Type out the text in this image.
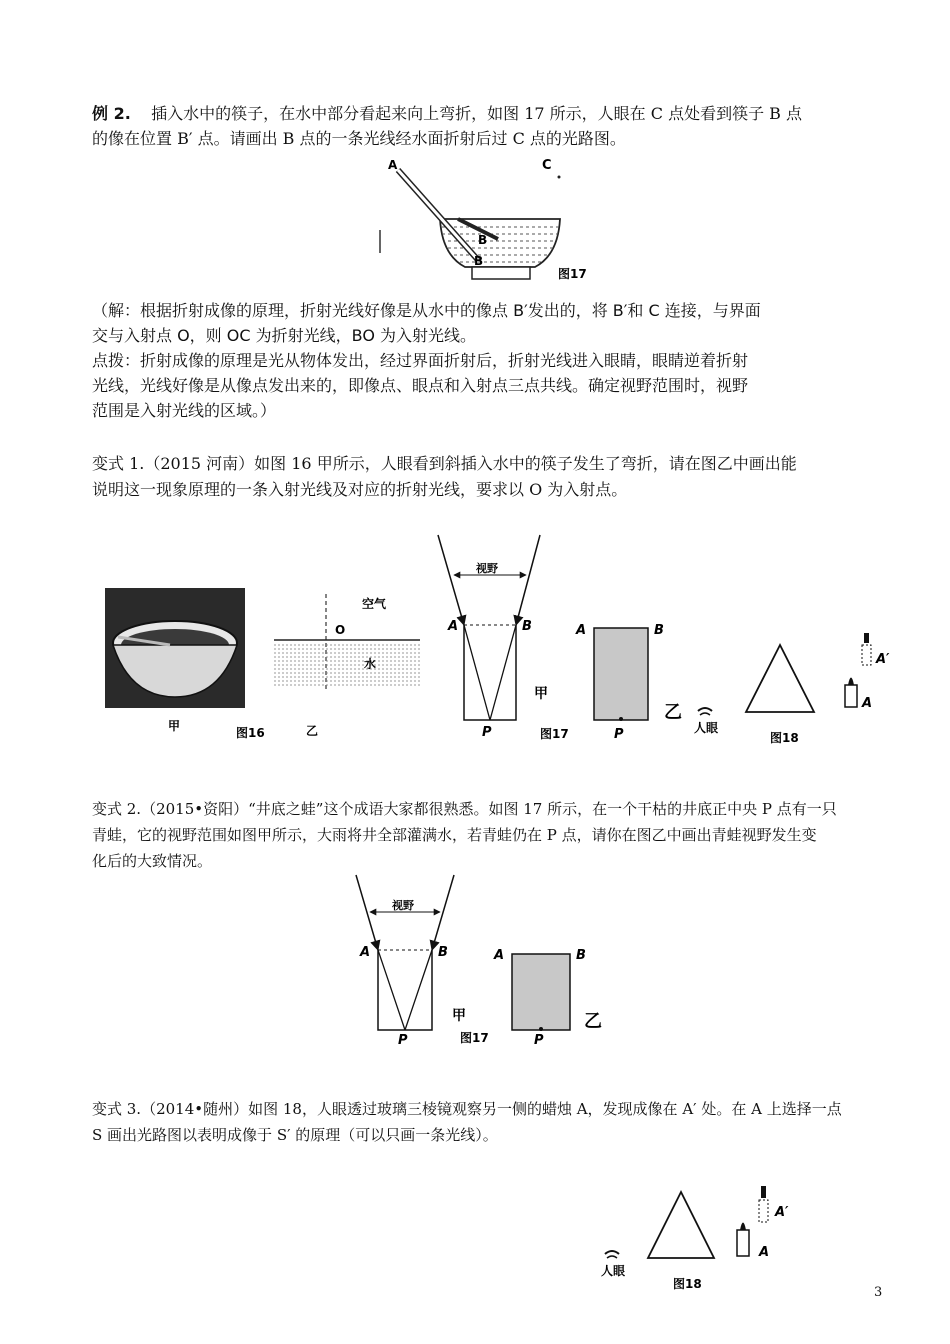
例 2. 插入水中的筷子，在水中部分看起来向上弯折，如图 17 所示，人眼在 C 点处看到筷子 B 点
的像在位置 B′ 点。请画出 B 点的一条光线经水面折射后过 C 点的光路图。
A	C
B
B
图17
（解：根据折射成像的原理，折射光线好像是从水中的像点 B′发出的，将 B′和 C 连接，与界面
交与入射点 O，则 OC 为折射光线，BO 为入射光线。
点拨：折射成像的原理是光从物体发出，经过界面折射后，折射光线进入眼睛，眼睛逆着折射
光线，光线好像是从像点发出来的，即像点、眼点和入射点三点共线。确定视野范围时，视野
范围是入射光线的区域。）
变式 1.（2015 河南）如图 16 甲所示，人眼看到斜插入水中的筷子发生了弯折，请在图乙中画出能
说明这一现象原理的一条入射光线及对应的折射光线，要求以 O 为入射点。
甲	图16
空气
O
水
乙
视野
A	B
P
甲
图17
A	B
P
乙
人眼
图18
A′
A
变式 2.（2015•资阳）“井底之蛙”这个成语大家都很熟悉。如图 17 所示，在一个干枯的井底正中央 P 点有一只
青蛙，它的视野范围如图甲所示，大雨将井全部灌满水，若青蛙仍在 P 点，请你在图乙中画出青蛙视野发生变
化后的大致情况。
视野
A	B
P
甲
图17
A	B
P
乙
变式 3.（2014•随州）如图 18，人眼透过玻璃三棱镜观察另一侧的蜡烛 A，发现成像在 A′ 处。在 A 上选择一点
S 画出光路图以表明成像于 S′ 的原理（可以只画一条光线）。
人眼
图18
A′
A
3
